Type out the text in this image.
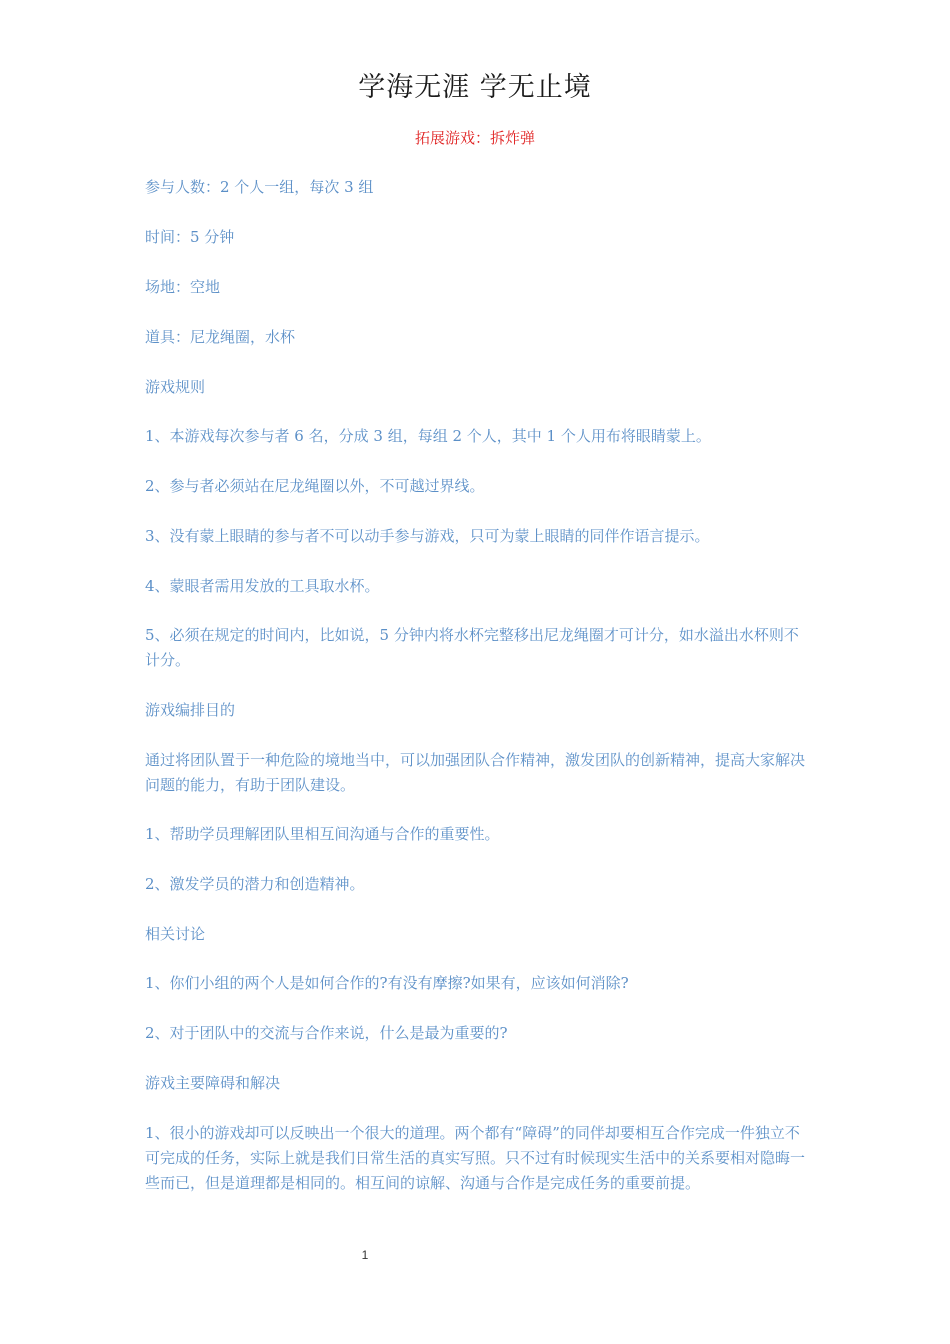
学海无涯 学无止境
拓展游戏：拆炸弹

参与人数：2 个人一组，每次 3 组

时间：5 分钟

场地：空地

道具：尼龙绳圈，水杯

游戏规则

1、本游戏每次参与者 6 名，分成 3 组，每组 2 个人，其中 1 个人用布将眼睛蒙上。

2、参与者必须站在尼龙绳圈以外，不可越过界线。

3、没有蒙上眼睛的参与者不可以动手参与游戏，只可为蒙上眼睛的同伴作语言提示。

4、蒙眼者需用发放的工具取水杯。

5、必须在规定的时间内，比如说，5 分钟内将水杯完整移出尼龙绳圈才可计分，如水溢出水杯则不计分。

游戏编排目的

通过将团队置于一种危险的境地当中，可以加强团队合作精神，激发团队的创新精神，提高大家解决问题的能力，有助于团队建设。

1、帮助学员理解团队里相互间沟通与合作的重要性。

2、激发学员的潜力和创造精神。

相关讨论

1、你们小组的两个人是如何合作的?有没有摩擦?如果有，应该如何消除?

2、对于团队中的交流与合作来说，什么是最为重要的?

游戏主要障碍和解决

1、很小的游戏却可以反映出一个很大的道理。两个都有“障碍”的同伴却要相互合作完成一件独立不可完成的任务，实际上就是我们日常生活的真实写照。只不过有时候现实生活中的关系要相对隐晦一些而已，但是道理都是相同的。相互间的谅解、沟通与合作是完成任务的重要前提。

1
